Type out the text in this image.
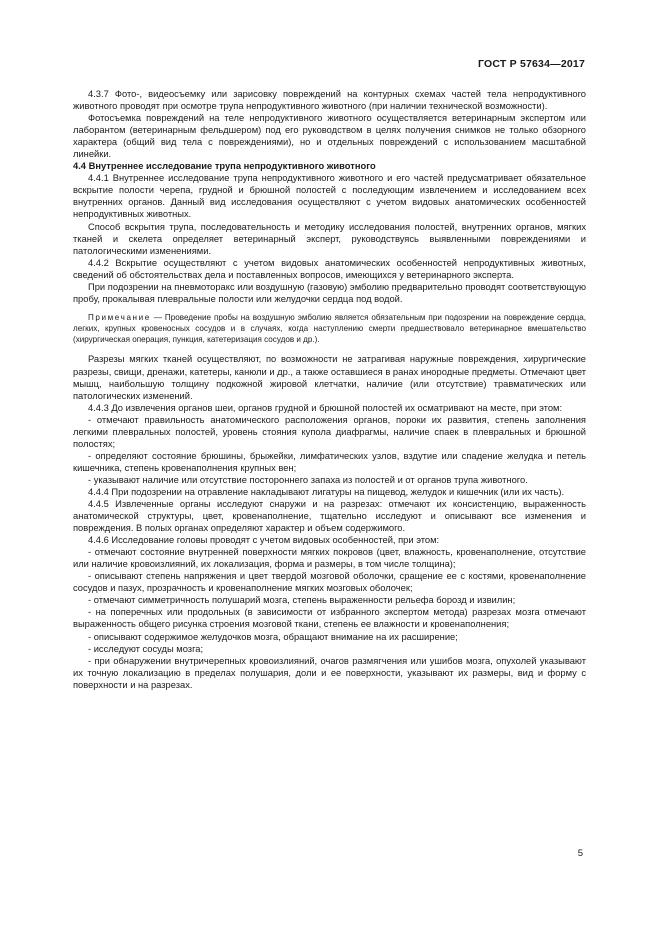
ГОСТ Р 57634—2017

4.3.7 Фото-, видеосъемку или зарисовку повреждений на контурных схемах частей тела непродуктивного животного проводят при осмотре трупа непродуктивного животного (при наличии технической возможности).

Фотосъемка повреждений на теле непродуктивного животного осуществляется ветеринарным экспертом или лаборантом (ветеринарным фельдшером) под его руководством в целях получения снимков не только обзорного характера (общий вид тела с повреждениями), но и отдельных повреждений с использованием масштабной линейки.

4.4 Внутреннее исследование трупа непродуктивного животного

4.4.1 Внутреннее исследование трупа непродуктивного животного и его частей предусматривает обязательное вскрытие полости черепа, грудной и брюшной полостей с последующим извлечением и исследованием всех внутренних органов. Данный вид исследования осуществляют с учетом видовых анатомических особенностей непродуктивных животных.

Способ вскрытия трупа, последовательность и методику исследования полостей, внутренних органов, мягких тканей и скелета определяет ветеринарный эксперт, руководствуясь выявленными повреждениями и патологическими изменениями.

4.4.2 Вскрытие осуществляют с учетом видовых анатомических особенностей непродуктивных животных, сведений об обстоятельствах дела и поставленных вопросов, имеющихся у ветеринарного эксперта.

При подозрении на пневмоторакс или воздушную (газовую) эмболию предварительно проводят соответствующую пробу, прокалывая плевральные полости или желудочки сердца под водой.

Примечание — Проведение пробы на воздушную эмболию является обязательным при подозрении на повреждение сердца, легких, крупных кровеносных сосудов и в случаях, когда наступлению смерти предшествовало ветеринарное вмешательство (хирургическая операция, пункция, катетеризация сосудов и др.).

Разрезы мягких тканей осуществляют, по возможности не затрагивая наружные повреждения, хирургические разрезы, свищи, дренажи, катетеры, канюли и др., а также оставшиеся в ранах инородные предметы. Отмечают цвет мышц, наибольшую толщину подкожной жировой клетчатки, наличие (или отсутствие) травматических или патологических изменений.

4.4.3 До извлечения органов шеи, органов грудной и брюшной полостей их осматривают на месте, при этом:

- отмечают правильность анатомического расположения органов, пороки их развития, степень заполнения легкими плевральных полостей, уровень стояния купола диафрагмы, наличие спаек в плевральных и брюшной полостях;

- определяют состояние брюшины, брыжейки, лимфатических узлов, вздутие или спадение желудка и петель кишечника, степень кровенаполнения крупных вен;

- указывают наличие или отсутствие постороннего запаха из полостей и от органов трупа животного.

4.4.4 При подозрении на отравление накладывают лигатуры на пищевод, желудок и кишечник (или их часть).

4.4.5 Извлеченные органы исследуют снаружи и на разрезах: отмечают их консистенцию, выраженность анатомической структуры, цвет, кровенаполнение, тщательно исследуют и описывают все изменения и повреждения. В полых органах определяют характер и объем содержимого.

4.4.6 Исследование головы проводят с учетом видовых особенностей, при этом:

- отмечают состояние внутренней поверхности мягких покровов (цвет, влажность, кровенаполнение, отсутствие или наличие кровоизлияний, их локализация, форма и размеры, в том числе толщина);

- описывают степень напряжения и цвет твердой мозговой оболочки, сращение ее с костями, кровенаполнение сосудов и пазух, прозрачность и кровенаполнение мягких мозговых оболочек;

- отмечают симметричность полушарий мозга, степень выраженности рельефа борозд и извилин;

- на поперечных или продольных (в зависимости от избранного экспертом метода) разрезах мозга отмечают выраженность общего рисунка строения мозговой ткани, степень ее влажности и кровенаполнения;

- описывают содержимое желудочков мозга, обращают внимание на их расширение;

- исследуют сосуды мозга;

- при обнаружении внутричерепных кровоизлияний, очагов размягчения или ушибов мозга, опухолей указывают их точную локализацию в пределах полушария, доли и ее поверхности, указывают их размеры, вид и форму с поверхности и на разрезах.

5
